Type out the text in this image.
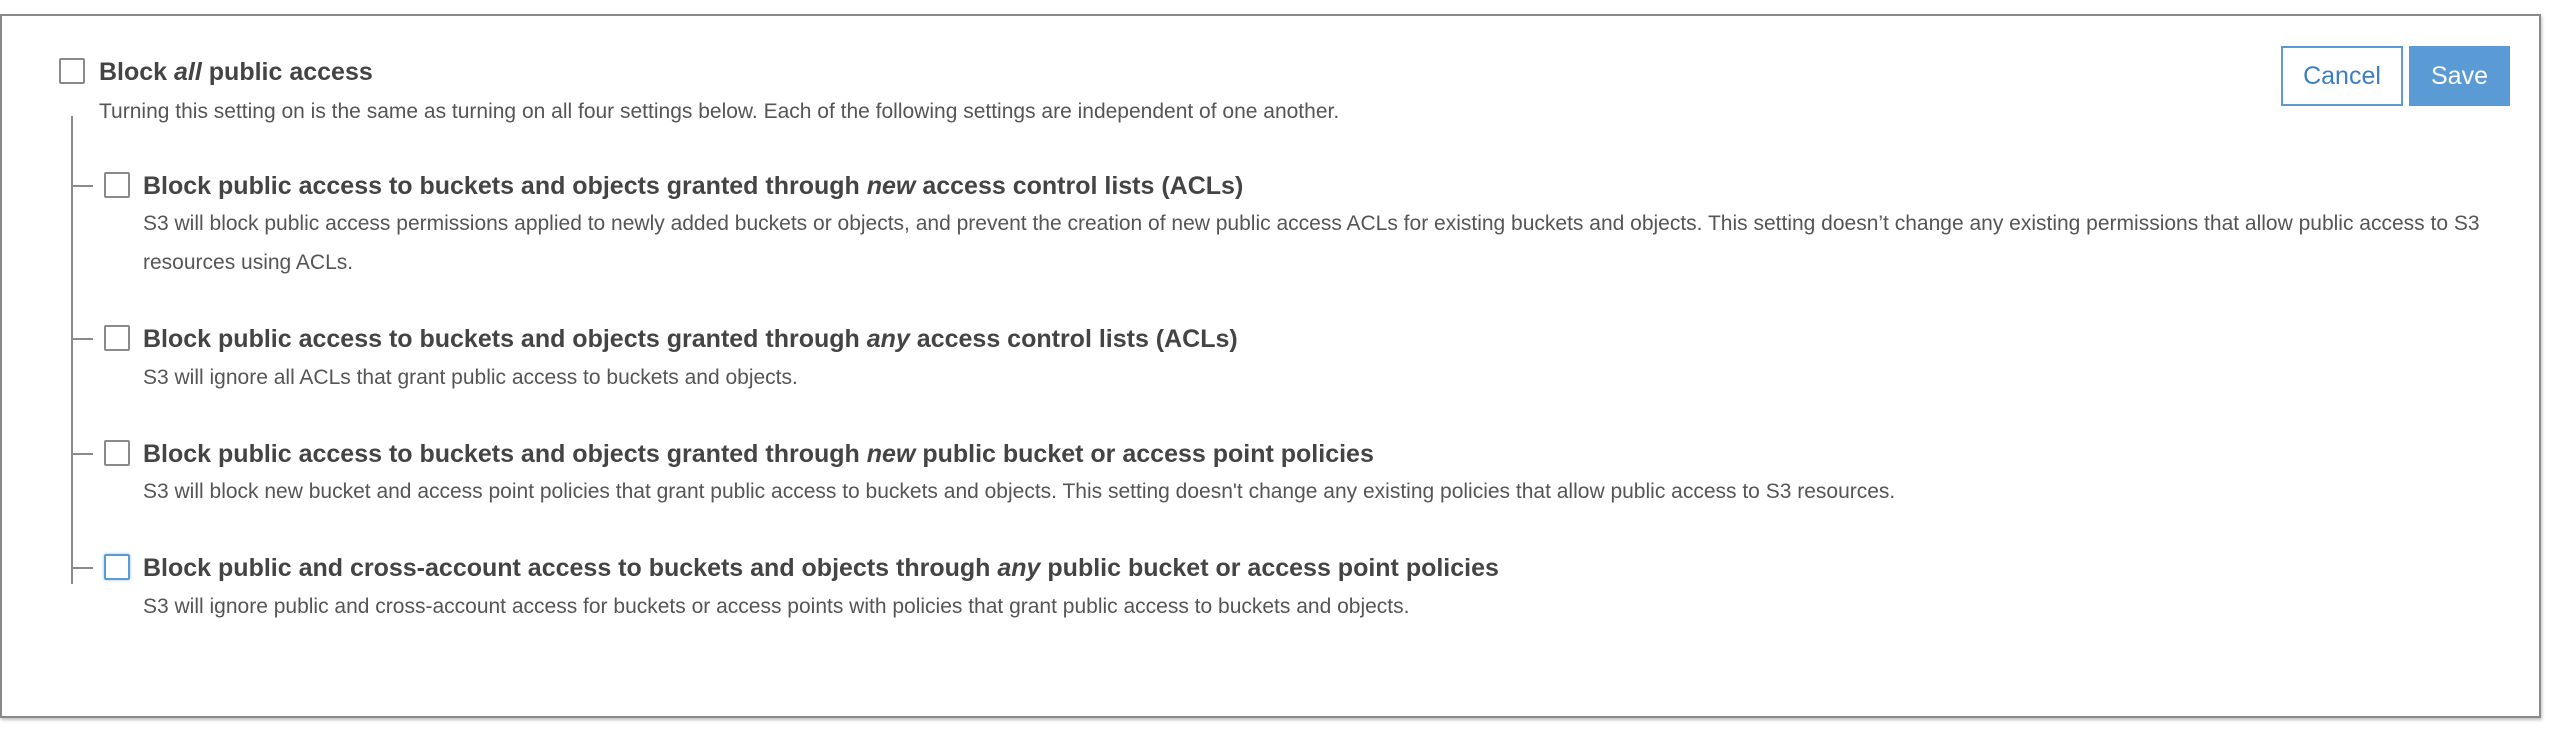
Cancel	Save
Block all public access
Turning this setting on is the same as turning on all four settings below. Each of the following settings are independent of one another.
Block public access to buckets and objects granted through new access control lists (ACLs)
S3 will block public access permissions applied to newly added buckets or objects, and prevent the creation of new public access ACLs for existing buckets and objects. This setting doesn’t change any existing permissions that allow public access to S3 resources using ACLs.
Block public access to buckets and objects granted through any access control lists (ACLs)
S3 will ignore all ACLs that grant public access to buckets and objects.
Block public access to buckets and objects granted through new public bucket or access point policies
S3 will block new bucket and access point policies that grant public access to buckets and objects. This setting doesn't change any existing policies that allow public access to S3 resources.
Block public and cross-account access to buckets and objects through any public bucket or access point policies
S3 will ignore public and cross-account access for buckets or access points with policies that grant public access to buckets and objects.
